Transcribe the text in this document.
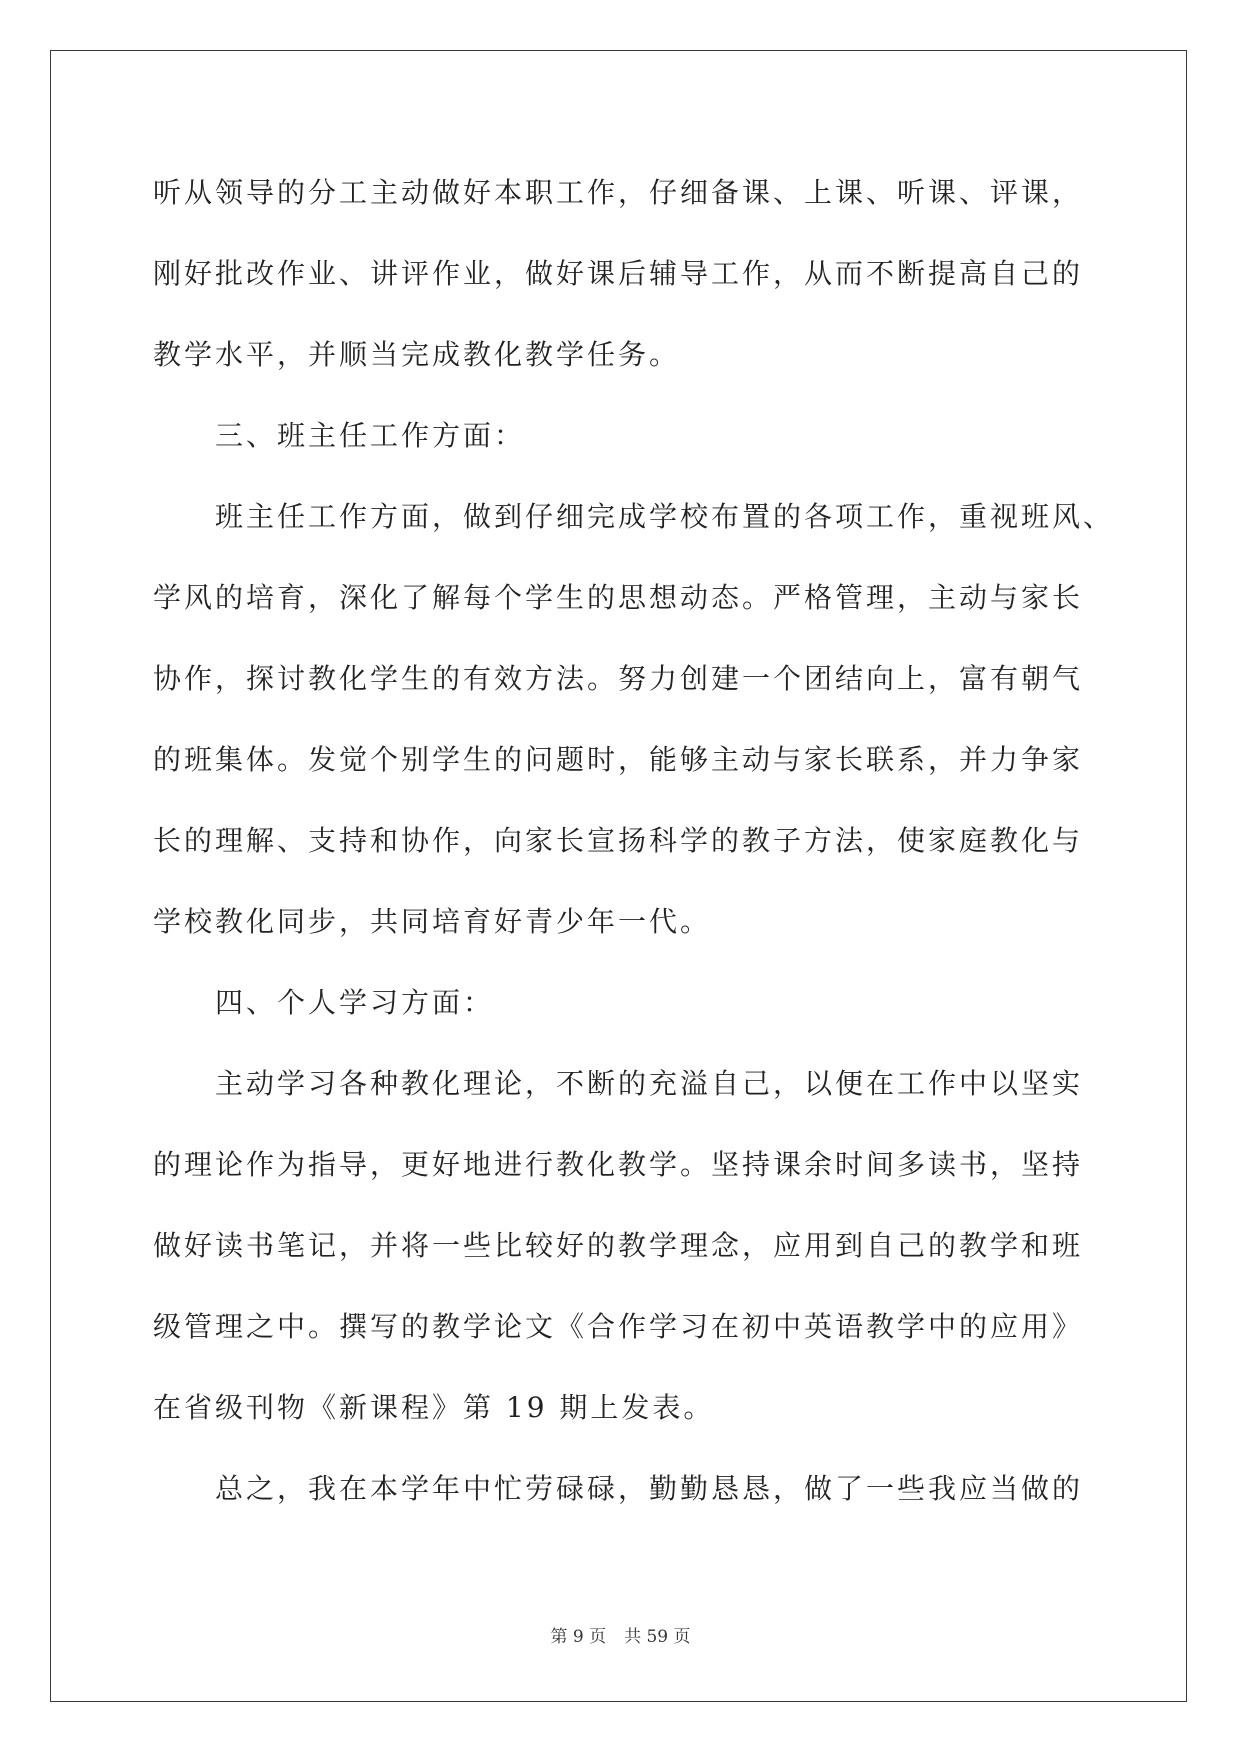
听从领导的分工主动做好本职工作，仔细备课、上课、听课、评课，
刚好批改作业、讲评作业，做好课后辅导工作，从而不断提高自己的
教学水平，并顺当完成教化教学任务。
三、班主任工作方面：
班主任工作方面，做到仔细完成学校布置的各项工作，重视班风、
学风的培育，深化了解每个学生的思想动态。严格管理，主动与家长
协作，探讨教化学生的有效方法。努力创建一个团结向上，富有朝气
的班集体。发觉个别学生的问题时，能够主动与家长联系，并力争家
长的理解、支持和协作，向家长宣扬科学的教子方法，使家庭教化与
学校教化同步，共同培育好青少年一代。
四、个人学习方面：
主动学习各种教化理论，不断的充溢自己，以便在工作中以坚实
的理论作为指导，更好地进行教化教学。坚持课余时间多读书，坚持
做好读书笔记，并将一些比较好的教学理念，应用到自己的教学和班
级管理之中。撰写的教学论文《合作学习在初中英语教学中的应用》
在省级刊物《新课程》第 19 期上发表。
总之，我在本学年中忙劳碌碌，勤勤恳恳，做了一些我应当做的
第 9 页 共 59 页
